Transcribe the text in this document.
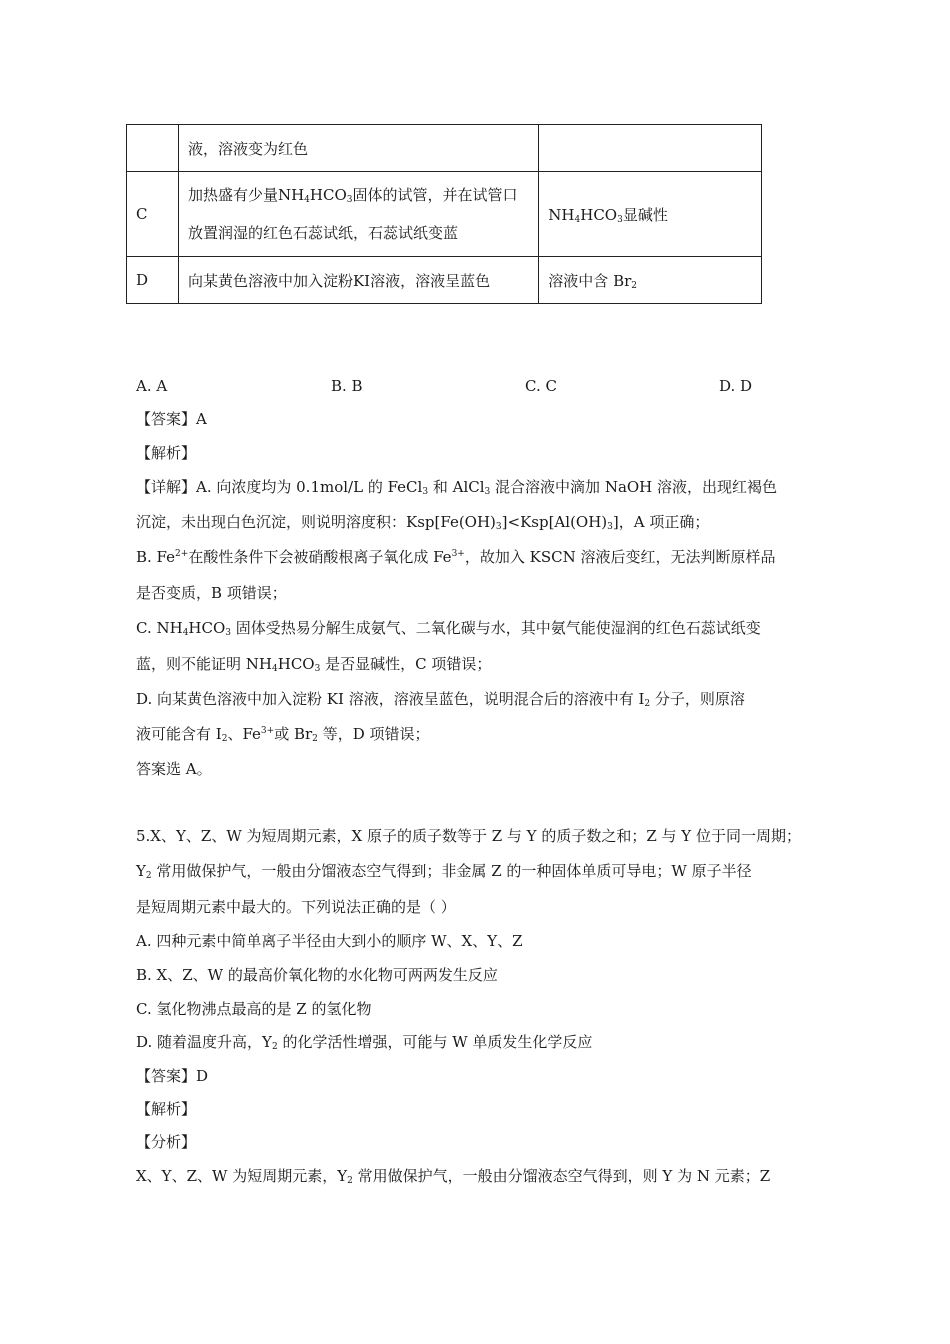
	液，溶液变为红色	
C	加热盛有少量$NH_4HCO_3$固体的试管，并在试管口
放置润湿的红色石蕊试纸，石蕊试纸变蓝	$NH_4HCO_3$显碱性
D	向某黄色溶液中加入淀粉KI溶液，溶液呈蓝色	溶液中含 $Br_2$
A. A	B. B	C. C	D. D
【答案】A
【解析】
【详解】A. 向浓度均为 0.1mol/L 的 FeCl$_3$ 和 AlCl$_3$ 混合溶液中滴加 NaOH 溶液，出现红褐色
沉淀，未出现白色沉淀，则说明溶度积：$Ksp[Fe(OH)_3]<Ksp[Al(OH)_3]$，A 项正确；
B. $Fe^{2+}$在酸性条件下会被硝酸根离子氧化成 $Fe^{3+}$，故加入 KSCN 溶液后变红，无法判断原样品
是否变质，B 项错误；
C. $NH_4HCO_3$ 固体受热易分解生成氨气、二氧化碳与水，其中氨气能使湿润的红色石蕊试纸变
蓝，则不能证明 $NH_4HCO_3$ 是否显碱性，C 项错误；
D. 向某黄色溶液中加入淀粉 KI 溶液，溶液呈蓝色，说明混合后的溶液中有 $I_2$ 分子，则原溶
液可能含有 $I_2$、$Fe^{3+}$或 $Br_2$ 等，D 项错误；
答案选 A。
5.X、Y、Z、W 为短周期元素，X 原子的质子数等于 Z 与 Y 的质子数之和；Z 与 Y 位于同一周期；
$Y_2$ 常用做保护气，一般由分馏液态空气得到；非金属 Z 的一种固体单质可导电；W 原子半径
是短周期元素中最大的。下列说法正确的是（ ）
A. 四种元素中简单离子半径由大到小的顺序 W、X、Y、Z
B. X、Z、W 的最高价氧化物的水化物可两两发生反应
C. 氢化物沸点最高的是 Z 的氢化物
D. 随着温度升高，$Y_2$ 的化学活性增强，可能与 W 单质发生化学反应
【答案】D
【解析】
【分析】
X、Y、Z、W 为短周期元素，$Y_2$ 常用做保护气，一般由分馏液态空气得到，则 Y 为 N 元素；Z
